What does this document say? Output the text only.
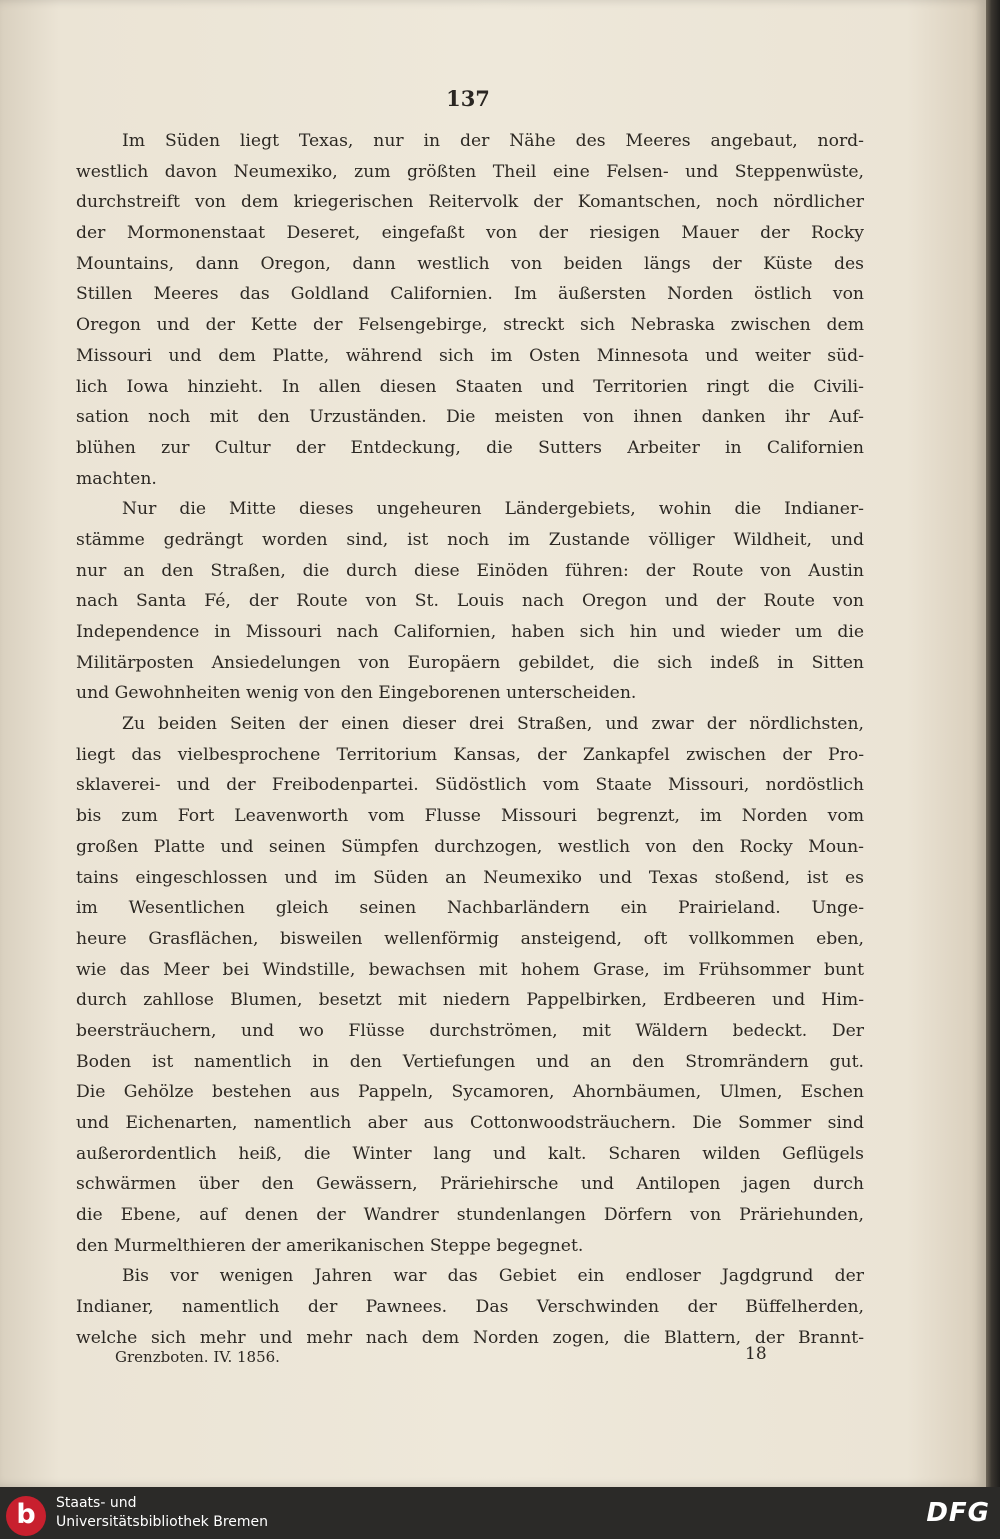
137
Im Süden liegt Texas, nur in der Nähe des Meeres angebaut, nord-
westlich davon Neumexiko, zum größten Theil eine Felsen- und Steppenwüste,
durchstreift von dem kriegerischen Reitervolk der Komantschen, noch nördlicher
der Mormonenstaat Deseret, eingefaßt von der riesigen Mauer der Rocky
Mountains, dann Oregon, dann westlich von beiden längs der Küste des
Stillen Meeres das Goldland Californien. Im äußersten Norden östlich von
Oregon und der Kette der Felsengebirge, streckt sich Nebraska zwischen dem
Missouri und dem Platte, während sich im Osten Minnesota und weiter süd-
lich Iowa hinzieht. In allen diesen Staaten und Territorien ringt die Civili-
sation noch mit den Urzuständen. Die meisten von ihnen danken ihr Auf-
blühen zur Cultur der Entdeckung, die Sutters Arbeiter in Californien
machten.
Nur die Mitte dieses ungeheuren Ländergebiets, wohin die Indianer-
stämme gedrängt worden sind, ist noch im Zustande völliger Wildheit, und
nur an den Straßen, die durch diese Einöden führen: der Route von Austin
nach Santa Fé, der Route von St. Louis nach Oregon und der Route von
Independence in Missouri nach Californien, haben sich hin und wieder um die
Militärposten Ansiedelungen von Europäern gebildet, die sich indeß in Sitten
und Gewohnheiten wenig von den Eingeborenen unterscheiden.
Zu beiden Seiten der einen dieser drei Straßen, und zwar der nördlichsten,
liegt das vielbesprochene Territorium Kansas, der Zankapfel zwischen der Pro-
sklaverei- und der Freibodenpartei. Südöstlich vom Staate Missouri, nordöstlich
bis zum Fort Leavenworth vom Flusse Missouri begrenzt, im Norden vom
großen Platte und seinen Sümpfen durchzogen, westlich von den Rocky Moun-
tains eingeschlossen und im Süden an Neumexiko und Texas stoßend, ist es
im Wesentlichen gleich seinen Nachbarländern ein Prairieland. Unge-
heure Grasflächen, bisweilen wellenförmig ansteigend, oft vollkommen eben,
wie das Meer bei Windstille, bewachsen mit hohem Grase, im Frühsommer bunt
durch zahllose Blumen, besetzt mit niedern Pappelbirken, Erdbeeren und Him-
beersträuchern, und wo Flüsse durchströmen, mit Wäldern bedeckt. Der
Boden ist namentlich in den Vertiefungen und an den Stromrändern gut.
Die Gehölze bestehen aus Pappeln, Sycamoren, Ahornbäumen, Ulmen, Eschen
und Eichenarten, namentlich aber aus Cottonwoodsträuchern. Die Sommer sind
außerordentlich heiß, die Winter lang und kalt. Scharen wilden Geflügels
schwärmen über den Gewässern, Präriehirsche und Antilopen jagen durch
die Ebene, auf denen der Wandrer stundenlangen Dörfern von Präriehunden,
den Murmelthieren der amerikanischen Steppe begegnet.
Bis vor wenigen Jahren war das Gebiet ein endloser Jagdgrund der
Indianer, namentlich der Pawnees. Das Verschwinden der Büffelherden,
welche sich mehr und mehr nach dem Norden zogen, die Blattern, der Brannt-
Grenzboten. IV. 1856.	18
b	Staats- und
Universitätsbibliothek Bremen	DFG
